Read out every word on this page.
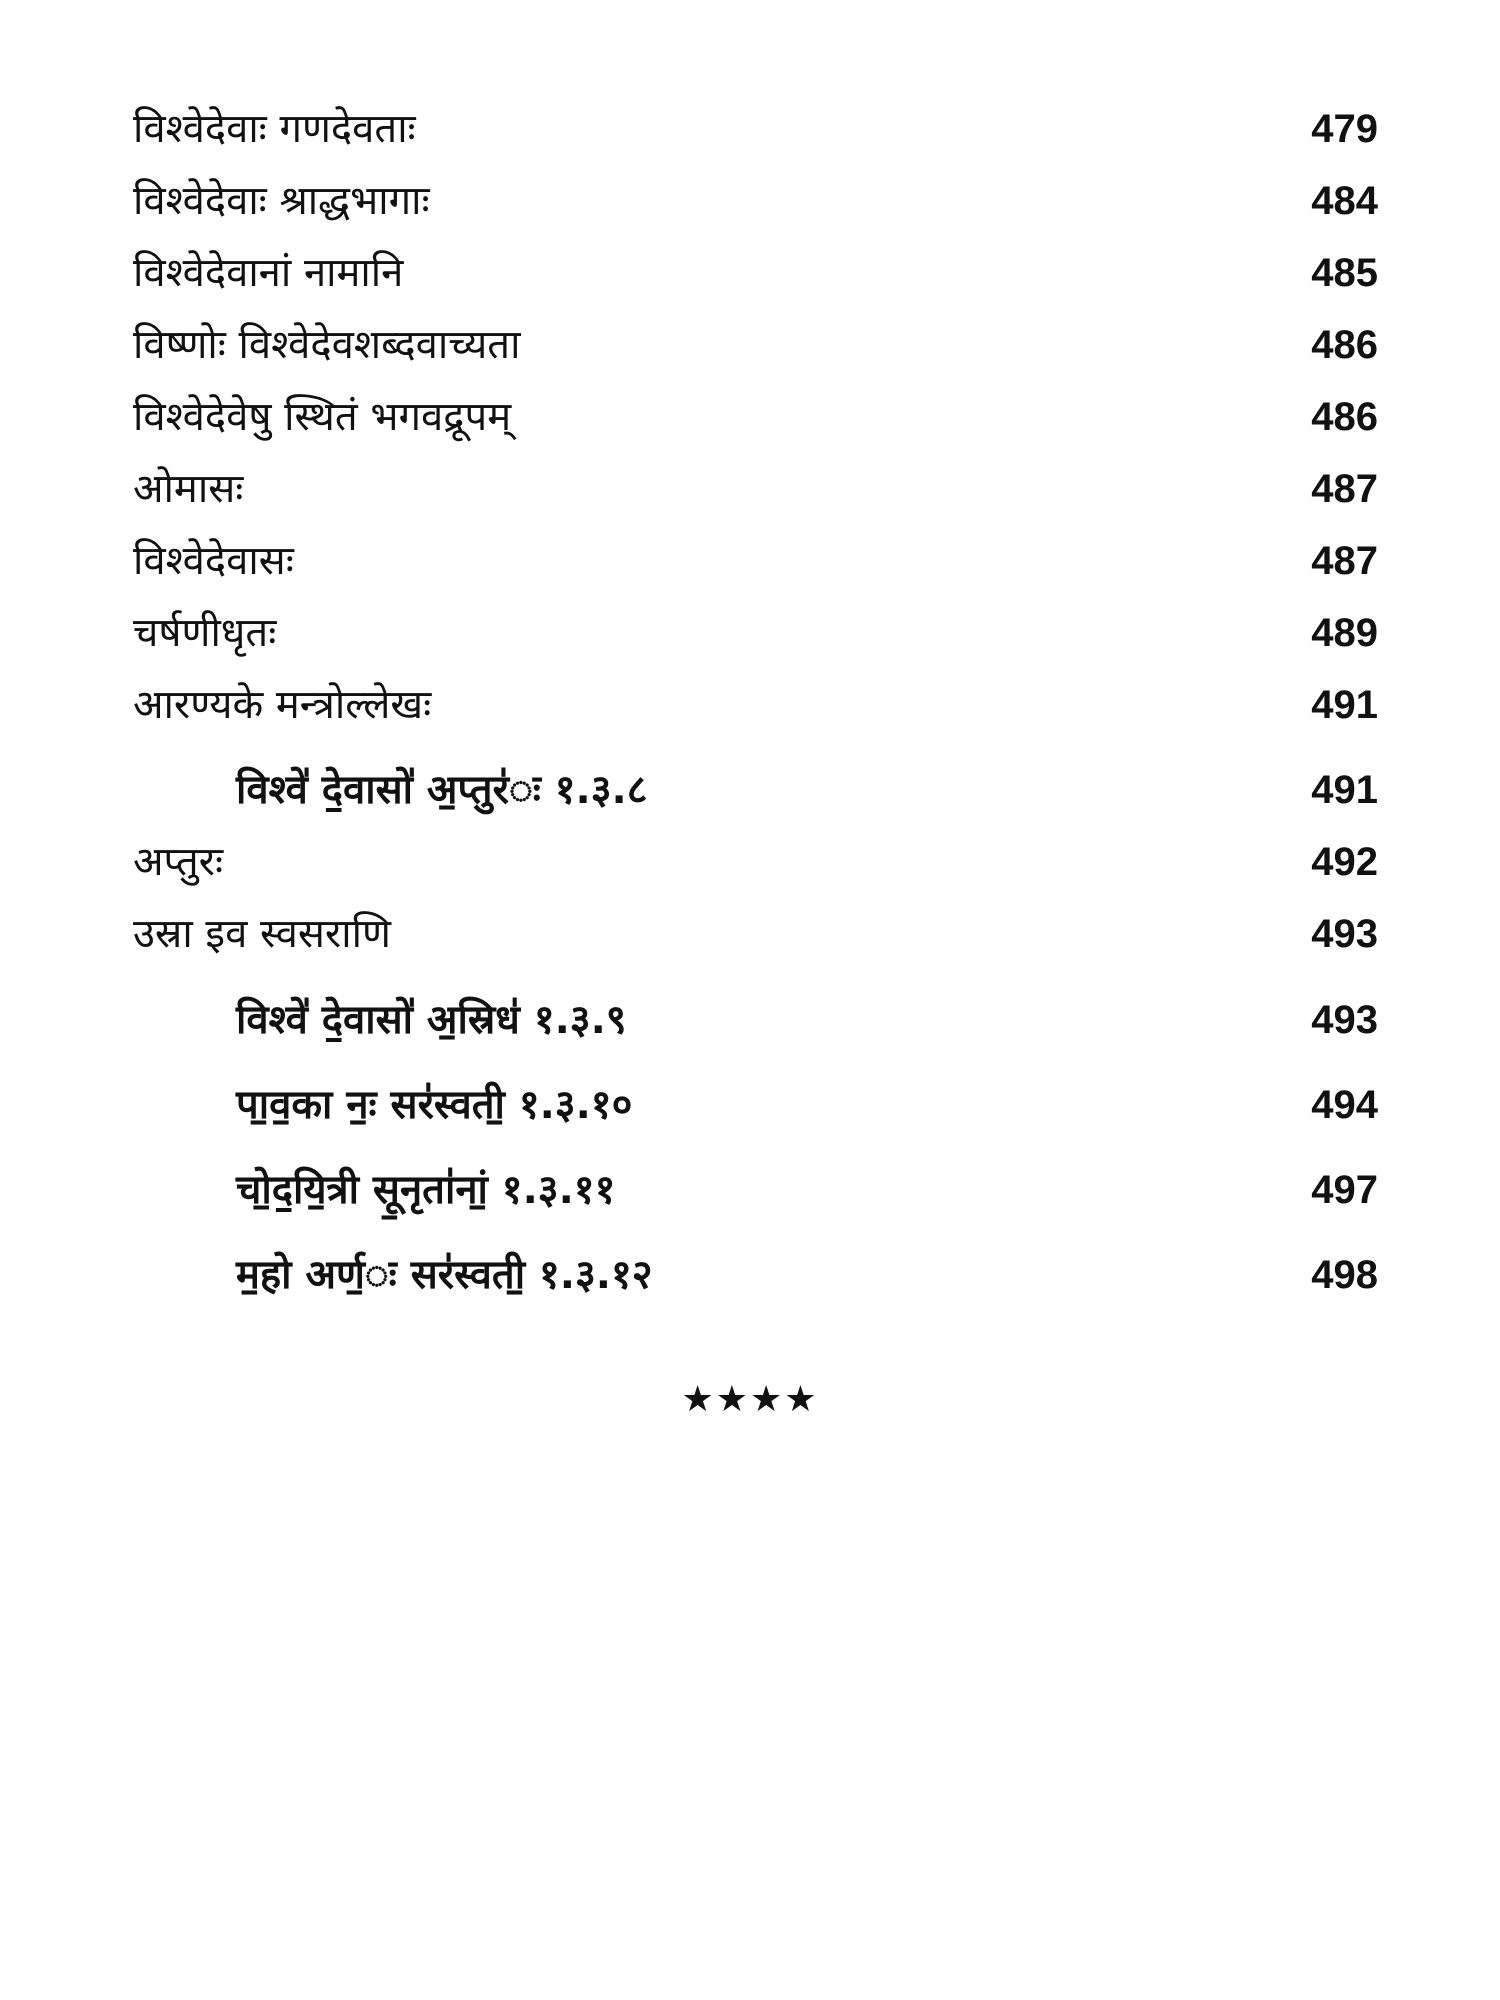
विश्वेदेवाः गणदेवताः	479
विश्वेदेवाः श्राद्धभागाः	484
विश्वेदेवानां नामानि	485
विष्णोः विश्वेदेवशब्दवाच्यता	486
विश्वेदेवेषु स्थितं भगवद्रूपम्	486
ओमासः	487
विश्वेदेवासः	487
चर्षणीधृतः	489
आरण्यके मन्त्रोल्लेखः	491
विश्वे॑ दे॒वासो॑ अ॒प्तुर॑ः १.३.८	491
अप्तुरः	492
उस्रा इव स्वसराणि	493
विश्वे॑ दे॒वासो॑ अ॒स्रिध॑ १.३.९	493
पा॒व॒का नः॒ सर॑स्वती॒ १.३.१०	494
चो॒द॒यि॒त्री सू॒नृता॑नां॒ १.३.११	497
म॒हो अर्ण॒ः सर॑स्वती॒ १.३.१२	498
★★★★
